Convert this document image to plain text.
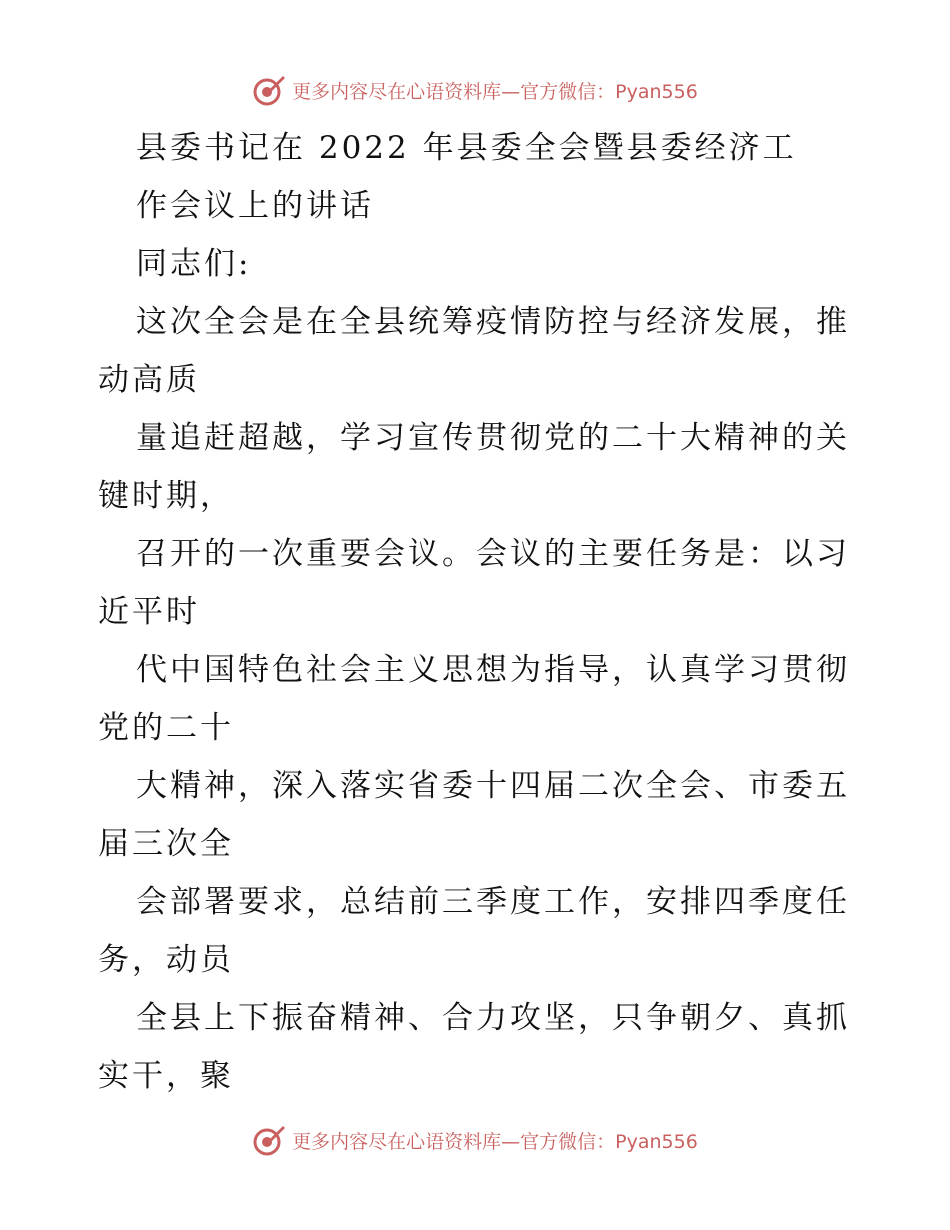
更多内容尽在心语资料库—官方微信：Pyan556
县委书记在 2022 年县委全会暨县委经济工
作会议上的讲话
同志们:
这次全会是在全县统筹疫情防控与经济发展，推
动高质
量追赶超越，学习宣传贯彻党的二十大精神的关
键时期，
召开的一次重要会议。会议的主要任务是：以习
近平时
代中国特色社会主义思想为指导，认真学习贯彻
党的二十
大精神，深入落实省委十四届二次全会、市委五
届三次全
会部署要求，总结前三季度工作，安排四季度任
务，动员
全县上下振奋精神、合力攻坚，只争朝夕、真抓
实干，聚
更多内容尽在心语资料库—官方微信：Pyan556
